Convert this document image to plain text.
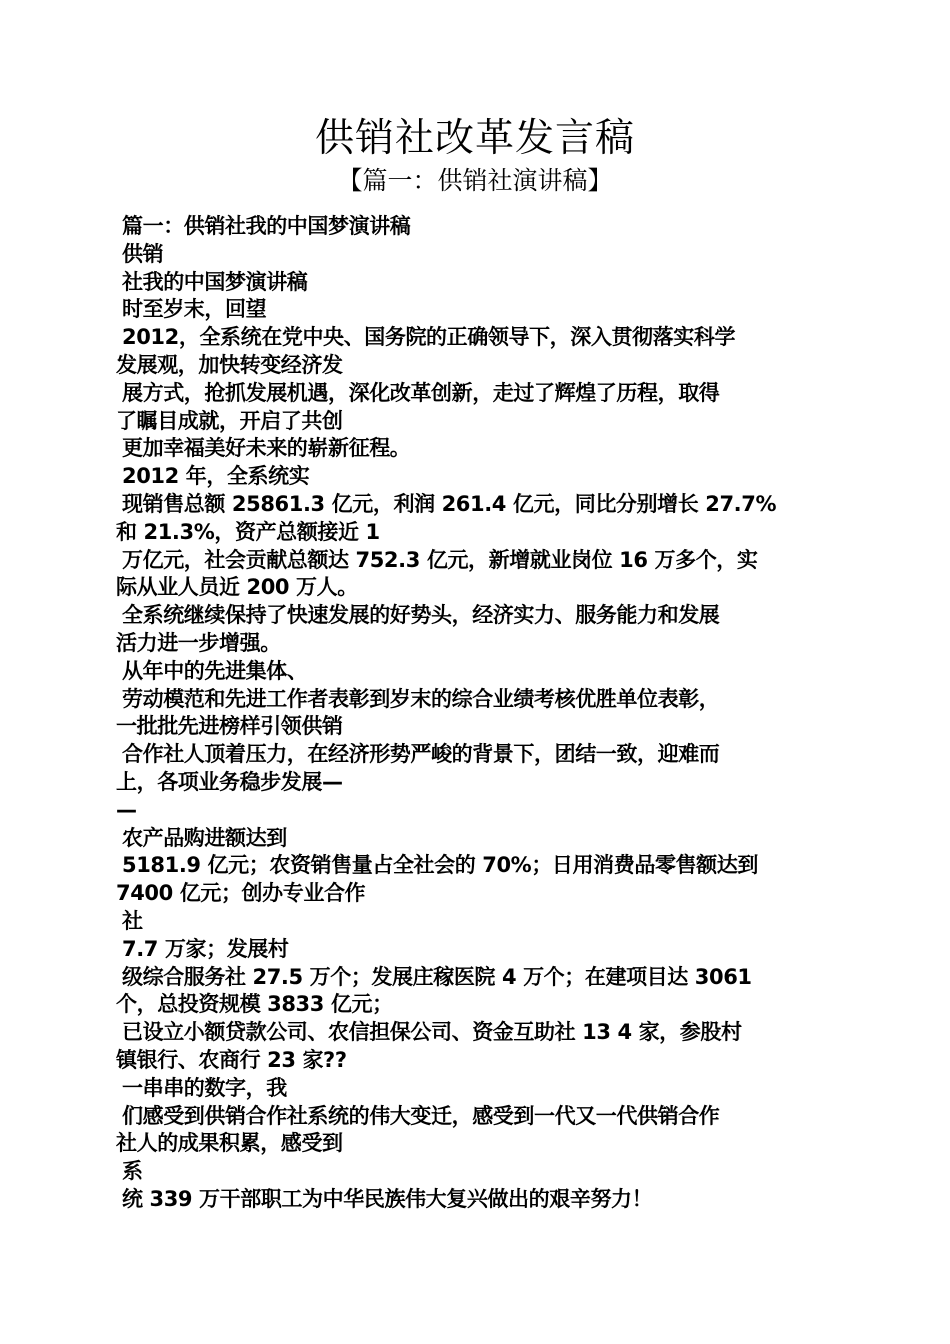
供销社改革发言稿
【篇一：供销社演讲稿】
篇一：供销社我的中国梦演讲稿
供销
社我的中国梦演讲稿
时至岁末，回望
2012，全系统在党中央、国务院的正确领导下，深入贯彻落实科学
发展观，加快转变经济发
展方式，抢抓发展机遇，深化改革创新，走过了辉煌了历程，取得
了瞩目成就，开启了共创
更加幸福美好未来的崭新征程。
2012 年，全系统实
现销售总额 25861.3 亿元，利润 261.4 亿元，同比分别增长 27.7%
和 21.3%，资产总额接近 1
万亿元，社会贡献总额达 752.3 亿元，新增就业岗位 16 万多个，实
际从业人员近 200 万人。
全系统继续保持了快速发展的好势头，经济实力、服务能力和发展
活力进一步增强。
从年中的先进集体、
劳动模范和先进工作者表彰到岁末的综合业绩考核优胜单位表彰，
一批批先进榜样引领供销
合作社人顶着压力，在经济形势严峻的背景下，团结一致，迎难而
上，各项业务稳步发展—
—
农产品购进额达到
5181.9 亿元；农资销售量占全社会的 70%；日用消费品零售额达到
7400 亿元；创办专业合作
社
7.7 万家；发展村
级综合服务社 27.5 万个；发展庄稼医院 4 万个；在建项目达 3061
个，总投资规模 3833 亿元；
已设立小额贷款公司、农信担保公司、资金互助社 13 4 家，参股村
镇银行、农商行 23 家??
一串串的数字，我
们感受到供销合作社系统的伟大变迁，感受到一代又一代供销合作
社人的成果积累，感受到
系
统 339 万干部职工为中华民族伟大复兴做出的艰辛努力！
